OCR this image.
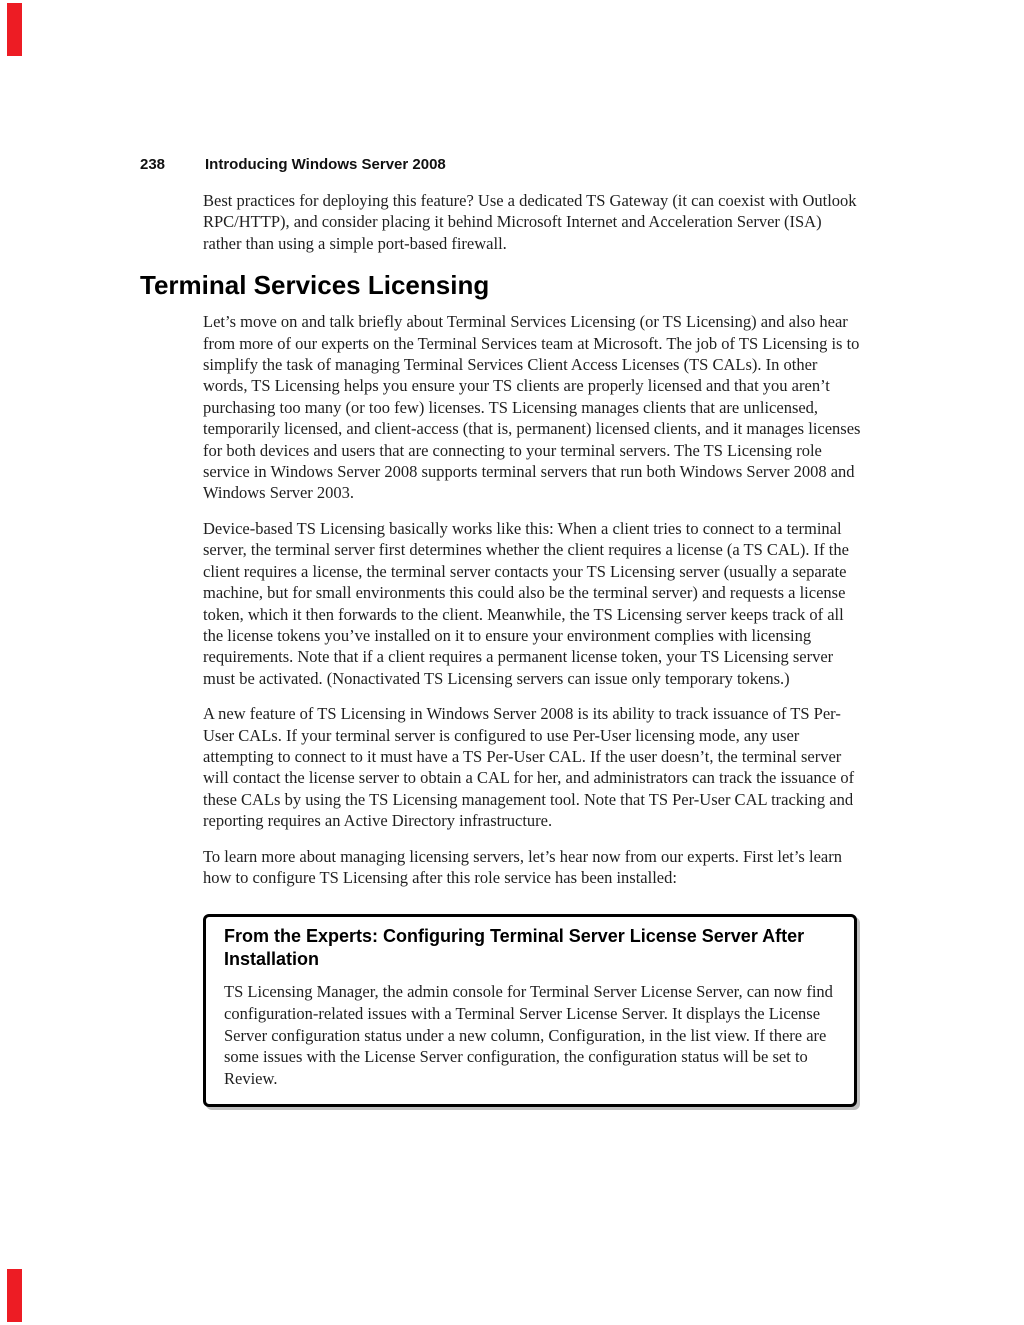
238	Introducing Windows Server 2008

Best practices for deploying this feature? Use a dedicated TS Gateway (it can coexist with Outlook RPC/HTTP), and consider placing it behind Microsoft Internet and Acceleration Server (ISA) rather than using a simple port-based firewall.

Terminal Services Licensing

Let’s move on and talk briefly about Terminal Services Licensing (or TS Licensing) and also hear from more of our experts on the Terminal Services team at Microsoft. The job of TS Licensing is to simplify the task of managing Terminal Services Client Access Licenses (TS CALs). In other words, TS Licensing helps you ensure your TS clients are properly licensed and that you aren’t purchasing too many (or too few) licenses. TS Licensing manages clients that are unlicensed, temporarily licensed, and client-access (that is, permanent) licensed clients, and it manages licenses for both devices and users that are connecting to your terminal servers. The TS Licensing role service in Windows Server 2008 supports terminal servers that run both Windows Server 2008 and Windows Server 2003.

Device-based TS Licensing basically works like this: When a client tries to connect to a terminal server, the terminal server first determines whether the client requires a license (a TS CAL). If the client requires a license, the terminal server contacts your TS Licensing server (usually a separate machine, but for small environments this could also be the terminal server) and requests a license token, which it then forwards to the client. Meanwhile, the TS Licensing server keeps track of all the license tokens you’ve installed on it to ensure your environment complies with licensing requirements. Note that if a client requires a permanent license token, your TS Licensing server must be activated. (Nonactivated TS Licensing servers can issue only temporary tokens.)

A new feature of TS Licensing in Windows Server 2008 is its ability to track issuance of TS Per-User CALs. If your terminal server is configured to use Per-User licensing mode, any user attempting to connect to it must have a TS Per-User CAL. If the user doesn’t, the terminal server will contact the license server to obtain a CAL for her, and administrators can track the issuance of these CALs by using the TS Licensing management tool. Note that TS Per-User CAL tracking and reporting requires an Active Directory infrastructure.

To learn more about managing licensing servers, let’s hear now from our experts. First let’s learn how to configure TS Licensing after this role service has been installed:

From the Experts: Configuring Terminal Server License Server After Installation

TS Licensing Manager, the admin console for Terminal Server License Server, can now find configuration-related issues with a Terminal Server License Server. It displays the License Server configuration status under a new column, Configuration, in the list view. If there are some issues with the License Server configuration, the configuration status will be set to Review.
